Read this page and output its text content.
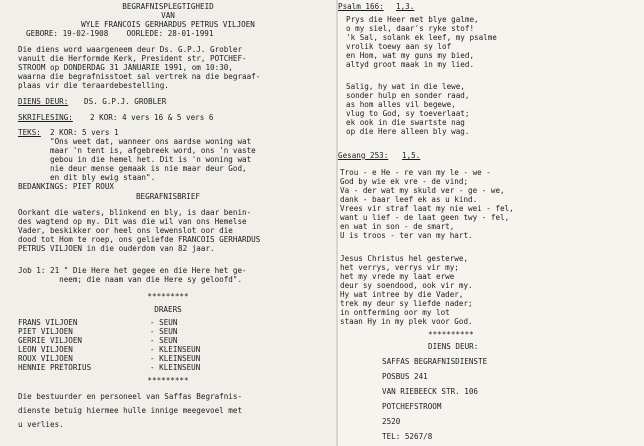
BEGRAFNISPLEGTIGHEID
VAN
WYLE FRANCOIS GERHARDUS PETRUS VILJOEN
GEBORE: 19-02-1908    OORLEDE: 28-01-1991
Die diens word waargeneem deur Ds. G.P.J. Grobler
vanuit die Herformde Kerk, President str, POTCHEF-
STROOM op DONDERDAG 31 JANUARIE 1991, om 10:30,
waarna die begrafnisstoet sal vertrek na die begraaf-
plaas vir die teraardebestelling.
DIENS DEUR: DS. G.P.J. GROBLER
SKRIFLESING: 2 KOR: 4 vers 16 & 5 vers 6
TEKS: 2 KOR: 5 vers 1
"Ons weet dat, wanneer ons aardse woning wat
maar 'n tent is, afgebreek word, ons 'n vaste
gebou in die hemel het. Dit is 'n woning wat
nie deur mense gemaak is nie maar deur God,
en dit bly ewig staan".
BEDANKINGS: PIET ROUX
BEGRAFNISBRIEF
Oorkant die waters, blinkend en bly, is daar benin-
des wagtend op my. Dit was die wil van ons Hemelse
Vader, beskikker oor heel ons lewenslot oor die
dood tot Hom te roep, ons geliefde FRANCOIS GERHARDUS
PETRUS VILJOEN in die ouderdom van 82 jaar.
Job 1: 21 " Die Here het gegee en die Here het ge-
neem; die naam van die Here sy geloofd".
*********
DRAERS
FRANS VILJOEN	- SEUN
PIET VILJOEN	- SEUN
GERRIE VILJOEN	- SEUN
LEON VILJOEN	- KLEINSEUN
ROUX VILJOEN	- KLEINSEUN
HENNIE PRETORIUS	- KLEINSEUN
*********
Die bestuurder en personeel van Saffas Begrafnis-
dienste betuig hiermee hulle innige meegevoel met
u verlies.
Psalm 166: 1,3.
Prys die Heer met blye galme,
o my siel, daar's ryke stof!
'k Sal, solank ek leef, my psalme
vrolik toewy aan sy lof
en Hom, wat my guns my bied,
altyd groot maak in my lied.
Salig, hy wat in die lewe,
sonder hulp en sonder raad,
as hom alles vil begewe,
vlug to God, sy toeverlaat;
ek ook in die swartste nag
op die Here alleen bly wag.
Gesang 253: 1,5.
Trou - e He - re van my le - we -
God by wie ek vre - de vind;
Va - der wat my skuld ver - ge - we,
dank - baar leef ek as u kind.
Vrees vir straf laat my nie wei - fel,
want u lief - de laat geen twy - fel,
en wat in son - de smart,
U is troos - ter van my hart.
Jesus Christus hel gesterwe,
het verrys, verrys vir my;
het my vrede my laat erwe
deur sy soendood, ook vir my.
Hy wat intree by die Vader,
trek my deur sy liefde nader;
in ontferming oor my lot
staan Hy in my plek voor God.
**********
DIENS DEUR:
SAFFAS BEGRAFNISDIENSTE
POSBUS 241
VAN RIEBEECK STR. 106
POTCHEFSTROOM
2520
TEL: 5267/8
